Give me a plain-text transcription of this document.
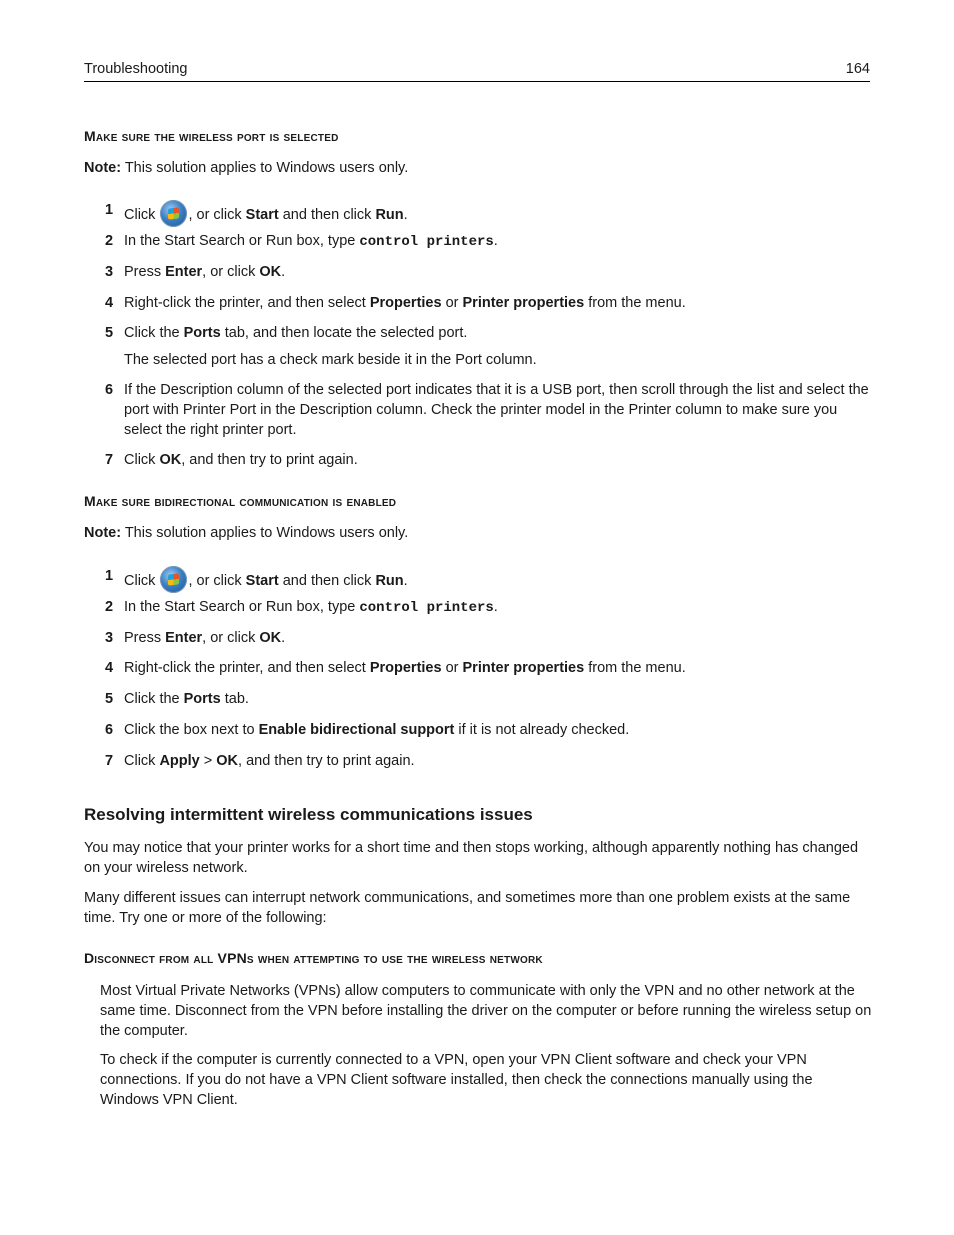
Troubleshooting	164
Make sure the wireless port is selected
Note: This solution applies to Windows users only.
1 Click , or click Start and then click Run.
2 In the Start Search or Run box, type control printers.
3 Press Enter, or click OK.
4 Right-click the printer, and then select Properties or Printer properties from the menu.
5 Click the Ports tab, and then locate the selected port.
The selected port has a check mark beside it in the Port column.
6 If the Description column of the selected port indicates that it is a USB port, then scroll through the list and select the port with Printer Port in the Description column. Check the printer model in the Printer column to make sure you select the right printer port.
7 Click OK, and then try to print again.
Make sure bidirectional communication is enabled
Note: This solution applies to Windows users only.
1 Click , or click Start and then click Run.
2 In the Start Search or Run box, type control printers.
3 Press Enter, or click OK.
4 Right-click the printer, and then select Properties or Printer properties from the menu.
5 Click the Ports tab.
6 Click the box next to Enable bidirectional support if it is not already checked.
7 Click Apply > OK, and then try to print again.
Resolving intermittent wireless communications issues
You may notice that your printer works for a short time and then stops working, although apparently nothing has changed on your wireless network.
Many different issues can interrupt network communications, and sometimes more than one problem exists at the same time. Try one or more of the following:
Disconnect from all VPNs when attempting to use the wireless network
Most Virtual Private Networks (VPNs) allow computers to communicate with only the VPN and no other network at the same time. Disconnect from the VPN before installing the driver on the computer or before running the wireless setup on the computer.
To check if the computer is currently connected to a VPN, open your VPN Client software and check your VPN connections. If you do not have a VPN Client software installed, then check the connections manually using the Windows VPN Client.
